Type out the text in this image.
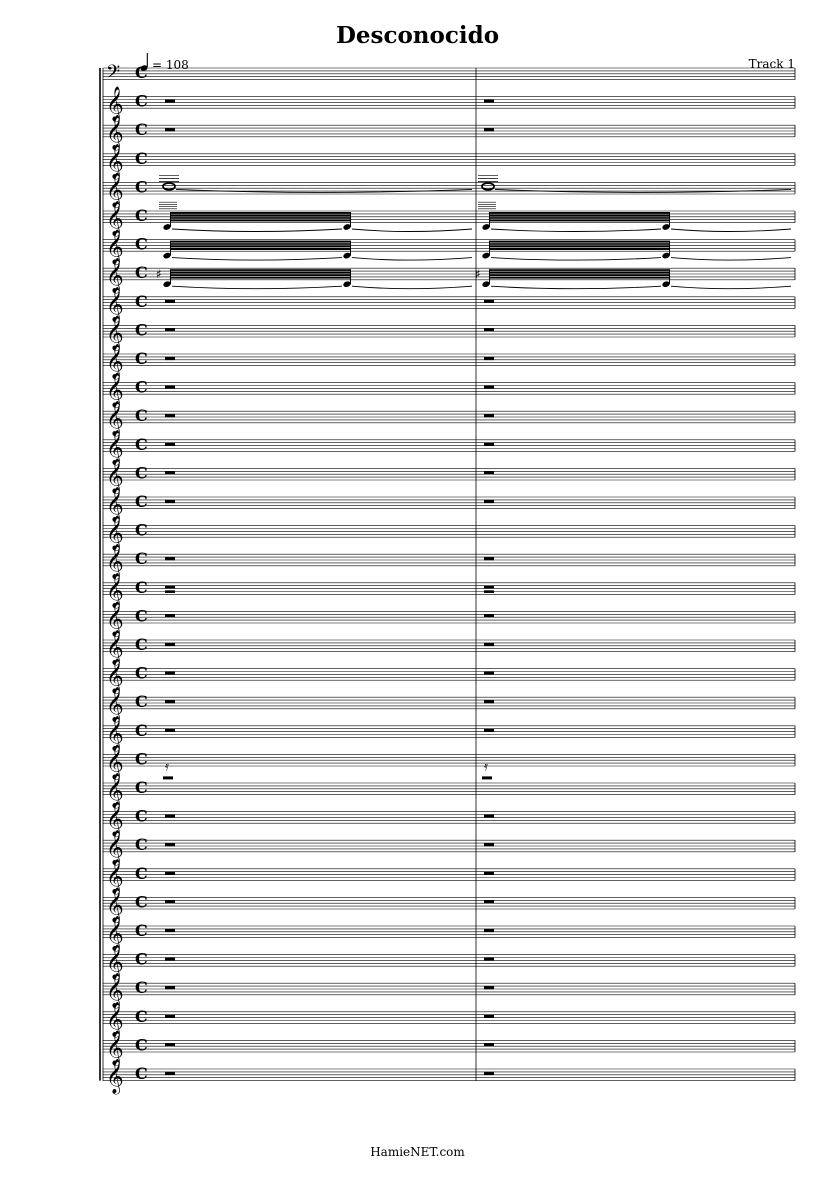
Desconocido
= 108	Track 1
𝄢 C
𝄞 C
𝄞 C
𝄞 C
𝄞 C
𝄞 C
𝄞 C
𝄞 C ♯	♯
𝄞 C
𝄞 C
𝄞 C
𝄞 C
𝄞 C
𝄞 C
𝄞 C
𝄞 C
𝄞 C
𝄞 C
𝄞 C
𝄞 C
𝄞 C
𝄞 C
𝄞 C
𝄞 C
𝄞 C 𝄿	𝄿
𝄞 C
𝄞 C
𝄞 C
𝄞 C
𝄞 C
𝄞 C
𝄞 C
𝄞 C
𝄞 C
𝄞 C
𝄞 C
HamieNET.com
